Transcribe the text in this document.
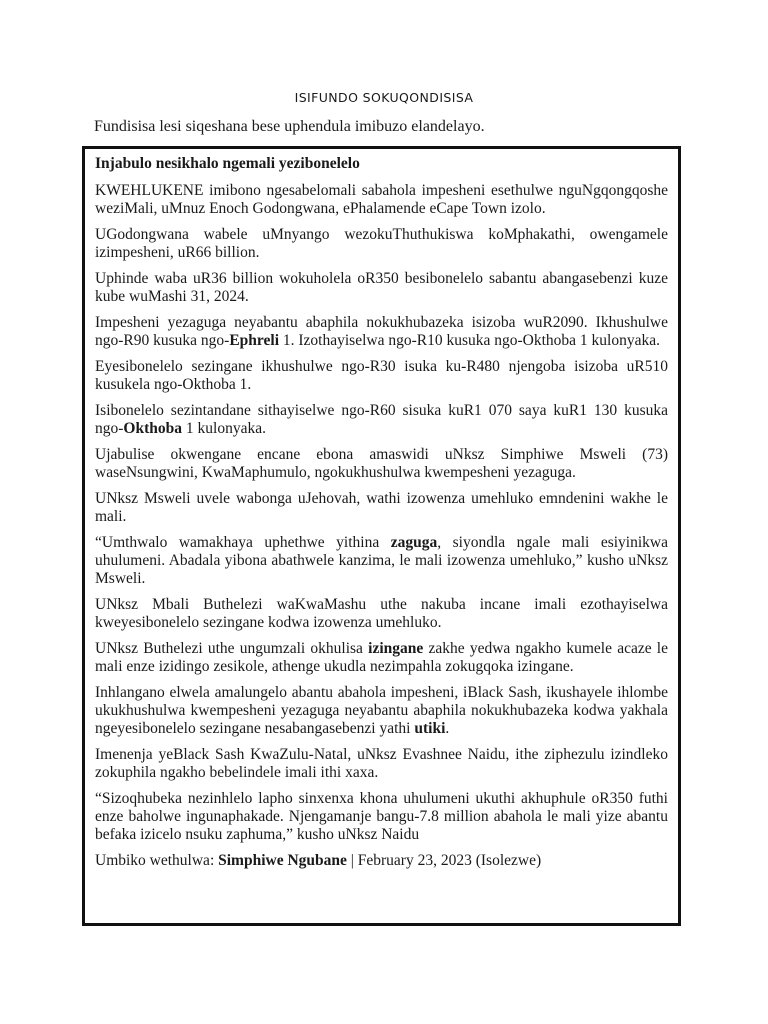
ISIFUNDO SOKUQONDISISA
Fundisisa lesi siqeshana bese uphendula imibuzo elandelayo.

Injabulo nesikhalo ngemali yezibonelelo

KWEHLUKENE imibono ngesabelomali sabahola impesheni esethulwe nguNgqongqoshe weziMali, uMnuz Enoch Godongwana, ePhalamende eCape Town izolo.

UGodongwana wabele uMnyango wezokuThuthukiswa koMphakathi, owengamele izimpesheni, uR66 billion.

Uphinde waba uR36 billion wokuholela oR350 besibonelelo sabantu abangasebenzi kuze kube wuMashi 31, 2024.

Impesheni yezaguga neyabantu abaphila nokukhubazeka isizoba wuR2090. Ikhushulwe ngo-R90 kusuka ngo-Ephreli 1. Izothayiselwa ngo-R10 kusuka ngo-Okthoba 1 kulonyaka.

Eyesibonelelo sezingane ikhushulwe ngo-R30 isuka ku-R480 njengoba isizoba uR510 kusukela ngo-Okthoba 1.

Isibonelelo sezintandane sithayiselwe ngo-R60 sisuka kuR1 070 saya kuR1 130 kusuka ngo-Okthoba 1 kulonyaka.

Ujabulise okwengane encane ebona amaswidi uNksz Simphiwe Msweli (73) waseNsungwini, KwaMaphumulo, ngokukhushulwa kwempesheni yezaguga.

UNksz Msweli uvele wabonga uJehovah, wathi izowenza umehluko emndenini wakhe le mali.

“Umthwalo wamakhaya uphethwe yithina zaguga, siyondla ngale mali esiyinikwa uhulumeni. Abadala yibona abathwele kanzima, le mali izowenza umehluko,” kusho uNksz Msweli.

UNksz Mbali Buthelezi waKwaMashu uthe nakuba incane imali ezothayiselwa kweyesibonelelo sezingane kodwa izowenza umehluko.

UNksz Buthelezi uthe ungumzali okhulisa izingane zakhe yedwa ngakho kumele acaze le mali enze izidingo zesikole, athenge ukudla nezimpahla zokugqoka izingane.

Inhlangano elwela amalungelo abantu abahola impesheni, iBlack Sash, ikushayele ihlombe ukukhushulwa kwempesheni yezaguga neyabantu abaphila nokukhubazeka kodwa yakhala ngeyesibonelelo sezingane nesabangasebenzi yathi utiki.

Imenenja yeBlack Sash KwaZulu-Natal, uNksz Evashnee Naidu, ithe ziphezulu izindleko zokuphila ngakho bebelindele imali ithi xaxa.

“Sizoqhubeka nezinhlelo lapho sinxenxa khona uhulumeni ukuthi akhuphule oR350 futhi enze baholwe ingunaphakade. Njengamanje bangu-7.8 million abahola le mali yize abantu befaka izicelo nsuku zaphuma,” kusho uNksz Naidu

Umbiko wethulwa: Simphiwe Ngubane | February 23, 2023 (Isolezwe)
